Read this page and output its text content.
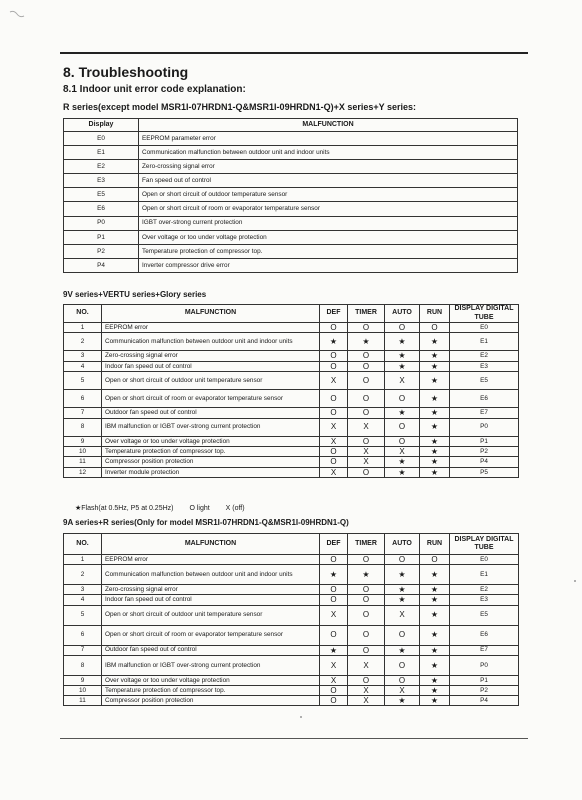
8. Troubleshooting
8.1 Indoor unit error code explanation:
R series(except model MSR1I-07HRDN1-Q&MSR1I-09HRDN1-Q)+X series+Y series:
Display	MALFUNCTION
E0	EEPROM parameter error
E1	Communication malfunction between outdoor unit and indoor units
E2	Zero-crossing signal error
E3	Fan speed out of control
E5	Open or short circuit of outdoor temperature sensor
E6	Open or short circuit of room or evaporator temperature sensor
P0	IGBT over-strong current protection
P1	Over voltage or too under voltage protection
P2	Temperature protection of compressor top.
P4	Inverter compressor drive error
9V series+VERTU series+Glory series
NO.	MALFUNCTION	DEF	TIMER	AUTO	RUN	DISPLAY DIGITAL TUBE
1	EEPROM error	O	O	O	O	E0
2	Communication malfunction between outdoor unit and indoor units	★	★	★	★	E1
3	Zero-crossing signal error	O	O	★	★	E2
4	Indoor fan speed out of control	O	O	★	★	E3
5	Open or short circuit of outdoor unit temperature sensor	X	O	X	★	E5
6	Open or short circuit of room or evaporator temperature sensor	O	O	O	★	E6
7	Outdoor fan speed out of control	O	O	★	★	E7
8	IBM malfunction or IGBT over-strong current protection	X	X	O	★	P0
9	Over voltage or too under voltage protection	X	O	O	★	P1
10	Temperature protection of compressor top.	O	X	X	★	P2
11	Compressor position protection	O	X	★	★	P4
12	Inverter module protection	X	O	★	★	P5
★Flash(at 0.5Hz, P5 at 0.25Hz) O light X (off)
9A series+R series(Only for model MSR1I-07HRDN1-Q&MSR1I-09HRDN1-Q)
NO.	MALFUNCTION	DEF	TIMER	AUTO	RUN	DISPLAY DIGITAL TUBE
1	EEPROM error	O	O	O	O	E0
2	Communication malfunction between outdoor unit and indoor units	★	★	★	★	E1
3	Zero-crossing signal error	O	O	★	★	E2
4	Indoor fan speed out of control	O	O	★	★	E3
5	Open or short circuit of outdoor unit temperature sensor	X	O	X	★	E5
6	Open or short circuit of room or evaporator temperature sensor	O	O	O	★	E6
7	Outdoor fan speed out of control	★	O	★	★	E7
8	IBM malfunction or IGBT over-strong current protection	X	X	O	★	P0
9	Over voltage or too under voltage protection	X	O	O	★	P1
10	Temperature protection of compressor top.	O	X	X	★	P2
11	Compressor position protection	O	X	★	★	P4
